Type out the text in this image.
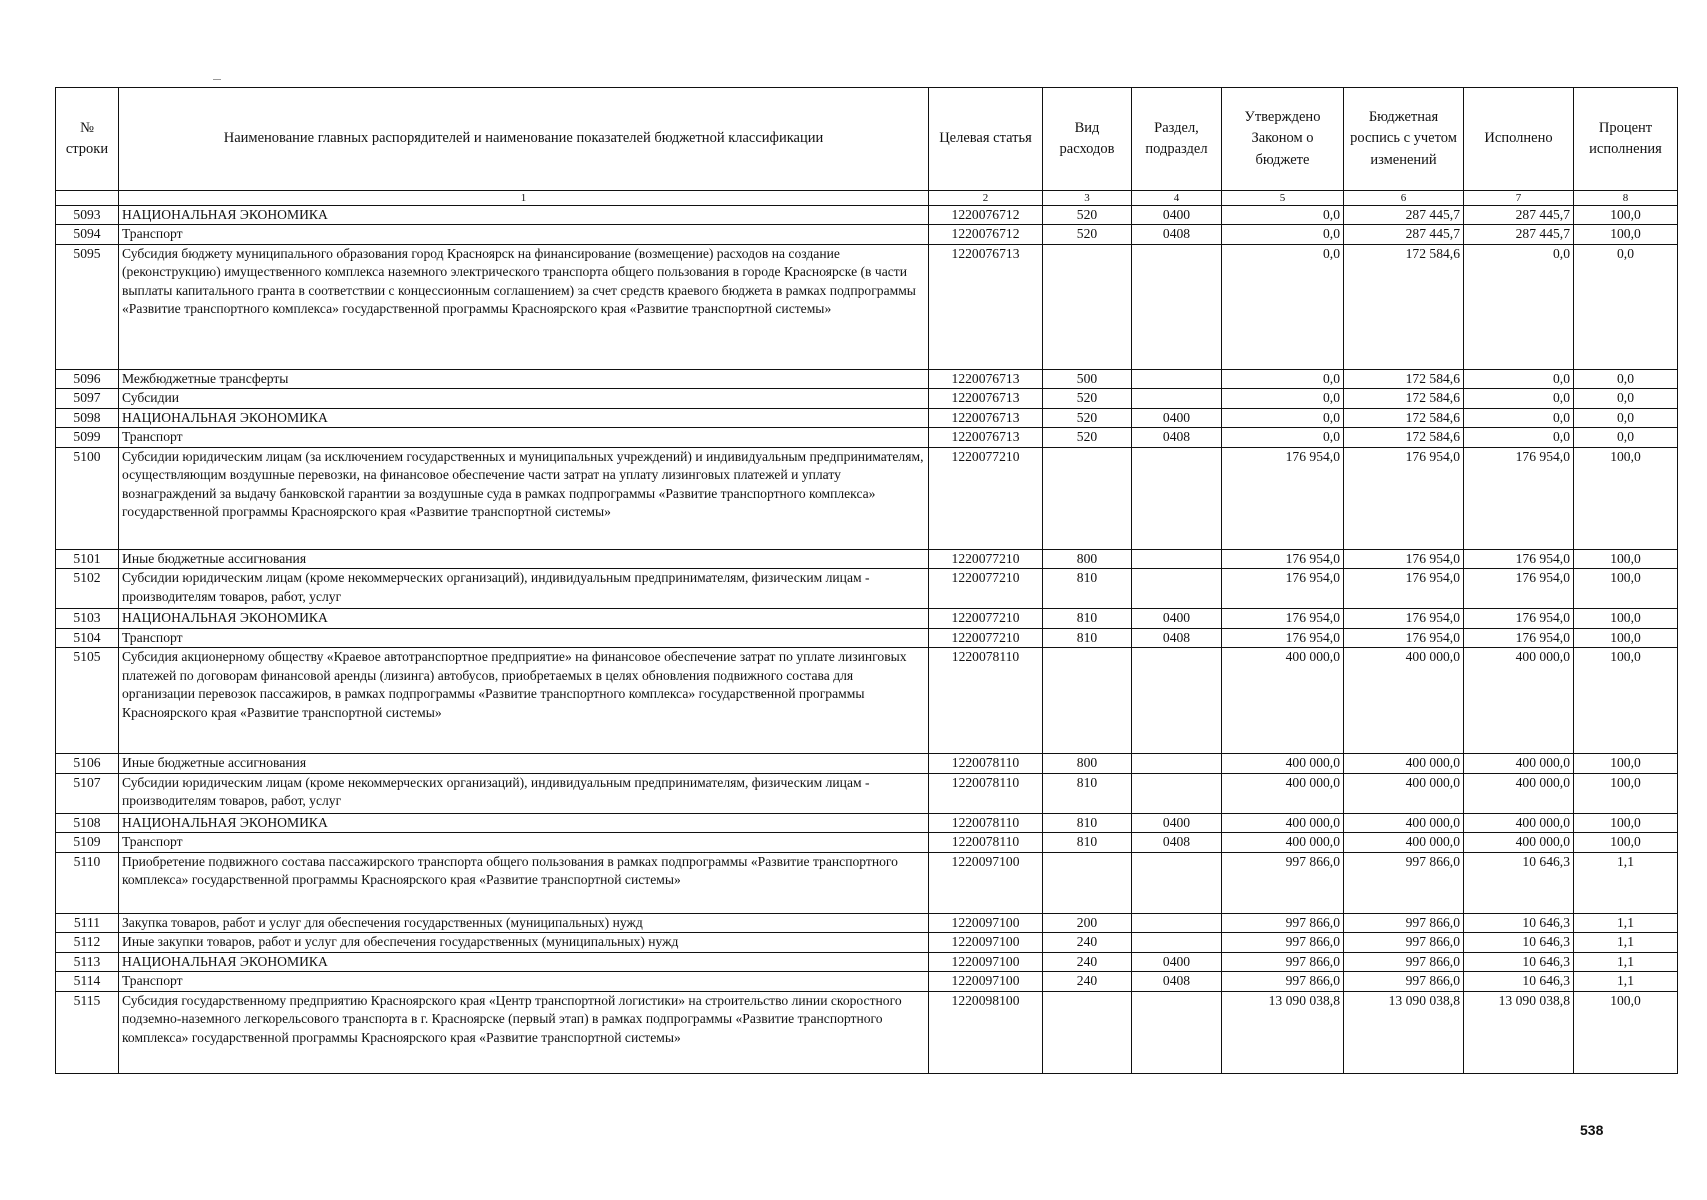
№ строки	Наименование главных распорядителей и наименование показателей бюджетной классификации	Целевая статья	Вид расходов	Раздел, подраздел	Утверждено Законом о бюджете	Бюджетная роспись с учетом изменений	Исполнено	Процент исполнения
	1	2	3	4	5	6	7	8
5093	НАЦИОНАЛЬНАЯ ЭКОНОМИКА	1220076712	520	0400	0,0	287 445,7	287 445,7	100,0
5094	Транспорт	1220076712	520	0408	0,0	287 445,7	287 445,7	100,0
5095	Субсидия бюджету муниципального образования город Красноярск на финансирование (возмещение) расходов на создание (реконструкцию) имущественного комплекса наземного электрического транспорта общего пользования в городе Красноярске (в части выплаты капитального гранта в соответствии с концессионным соглашением) за счет средств краевого бюджета в рамках подпрограммы «Развитие транспортного комплекса» государственной программы Красноярского края «Развитие транспортной системы»	1220076713			0,0	172 584,6	0,0	0,0
5096	Межбюджетные трансферты	1220076713	500		0,0	172 584,6	0,0	0,0
5097	Субсидии	1220076713	520		0,0	172 584,6	0,0	0,0
5098	НАЦИОНАЛЬНАЯ ЭКОНОМИКА	1220076713	520	0400	0,0	172 584,6	0,0	0,0
5099	Транспорт	1220076713	520	0408	0,0	172 584,6	0,0	0,0
5100	Субсидии юридическим лицам (за исключением государственных и муниципальных учреждений) и индивидуальным предпринимателям, осуществляющим воздушные перевозки, на финансовое обеспечение части затрат на уплату лизинговых платежей и уплату вознаграждений за выдачу банковской гарантии за воздушные суда в рамках подпрограммы «Развитие транспортного комплекса» государственной программы Красноярского края «Развитие транспортной системы»	1220077210			176 954,0	176 954,0	176 954,0	100,0
5101	Иные бюджетные ассигнования	1220077210	800		176 954,0	176 954,0	176 954,0	100,0
5102	Субсидии юридическим лицам (кроме некоммерческих организаций), индивидуальным предпринимателям, физическим лицам - производителям товаров, работ, услуг	1220077210	810		176 954,0	176 954,0	176 954,0	100,0
5103	НАЦИОНАЛЬНАЯ ЭКОНОМИКА	1220077210	810	0400	176 954,0	176 954,0	176 954,0	100,0
5104	Транспорт	1220077210	810	0408	176 954,0	176 954,0	176 954,0	100,0
5105	Субсидия акционерному обществу «Краевое автотранспортное предприятие» на финансовое обеспечение затрат по уплате лизинговых платежей по договорам финансовой аренды (лизинга) автобусов, приобретаемых в целях обновления подвижного состава для организации перевозок пассажиров, в рамках подпрограммы «Развитие транспортного комплекса» государственной программы Красноярского края «Развитие транспортной системы»	1220078110			400 000,0	400 000,0	400 000,0	100,0
5106	Иные бюджетные ассигнования	1220078110	800		400 000,0	400 000,0	400 000,0	100,0
5107	Субсидии юридическим лицам (кроме некоммерческих организаций), индивидуальным предпринимателям, физическим лицам - производителям товаров, работ, услуг	1220078110	810		400 000,0	400 000,0	400 000,0	100,0
5108	НАЦИОНАЛЬНАЯ ЭКОНОМИКА	1220078110	810	0400	400 000,0	400 000,0	400 000,0	100,0
5109	Транспорт	1220078110	810	0408	400 000,0	400 000,0	400 000,0	100,0
5110	Приобретение подвижного состава пассажирского транспорта общего пользования в рамках подпрограммы «Развитие транспортного комплекса» государственной программы Красноярского края «Развитие транспортной системы»	1220097100			997 866,0	997 866,0	10 646,3	1,1
5111	Закупка товаров, работ и услуг для обеспечения государственных (муниципальных) нужд	1220097100	200		997 866,0	997 866,0	10 646,3	1,1
5112	Иные закупки товаров, работ и услуг для обеспечения государственных (муниципальных) нужд	1220097100	240		997 866,0	997 866,0	10 646,3	1,1
5113	НАЦИОНАЛЬНАЯ ЭКОНОМИКА	1220097100	240	0400	997 866,0	997 866,0	10 646,3	1,1
5114	Транспорт	1220097100	240	0408	997 866,0	997 866,0	10 646,3	1,1
5115	Субсидия государственному предприятию Красноярского края «Центр транспортной логистики» на строительство линии скоростного подземно-наземного легкорельсового транспорта в г. Красноярске (первый этап) в рамках подпрограммы «Развитие транспортного комплекса» государственной программы Красноярского края «Развитие транспортной системы»	1220098100			13 090 038,8	13 090 038,8	13 090 038,8	100,0
538
